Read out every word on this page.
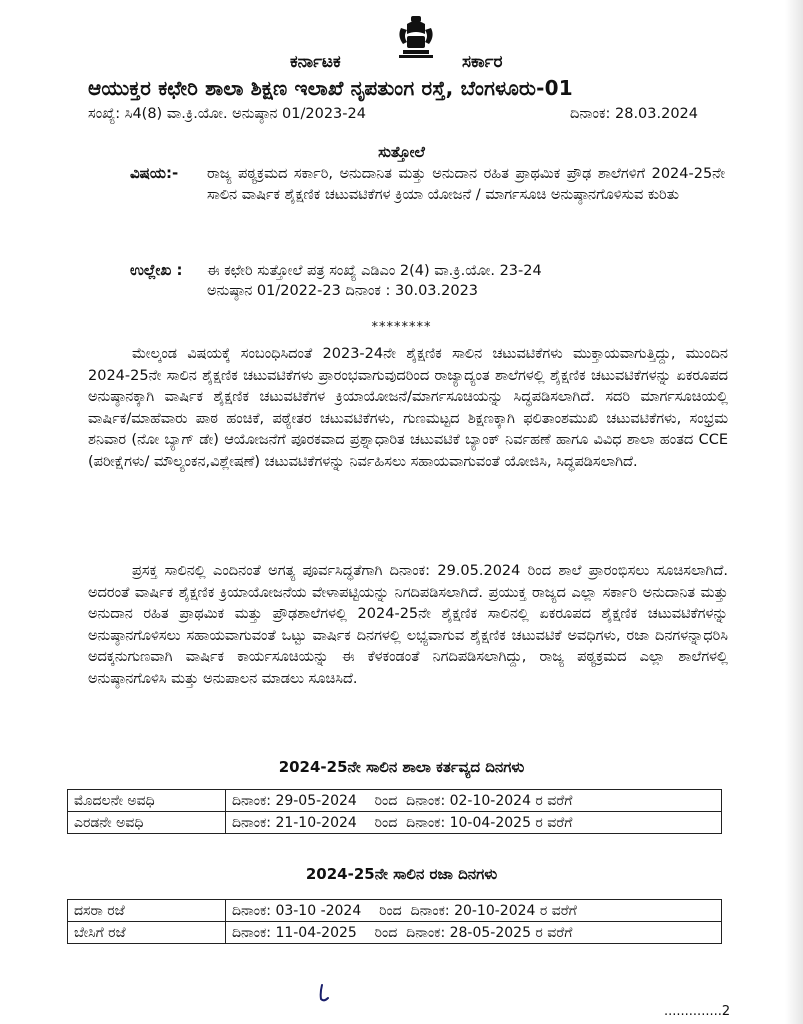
ಕರ್ನಾಟಕ	ಸರ್ಕಾರ
ಆಯುಕ್ತರ ಕಛೇರಿ ಶಾಲಾ ಶಿಕ್ಷಣ ಇಲಾಖೆ ನೃಪತುಂಗ ರಸ್ತೆ, ಬೆಂಗಳೂರು-01
ಸಂಖ್ಯೆ: ಸಿ4(8) ವಾ.ಕ್ರಿ.ಯೋ. ಅನುಷ್ಠಾನ 01/2023-24	ದಿನಾಂಕ: 28.03.2024
ಸುತ್ತೋಲೆ
ವಿಷಯ:- ರಾಜ್ಯ ಪಠ್ಯಕ್ರಮದ ಸರ್ಕಾರಿ, ಅನುದಾನಿತ ಮತ್ತು ಅನುದಾನ ರಹಿತ ಪ್ರಾಥಮಿಕ ಪ್ರೌಢ ಶಾಲೆಗಳಿಗೆ 2024-25ನೇ ಸಾಲಿನ ವಾರ್ಷಿಕ ಶೈಕ್ಷಣಿಕ ಚಟುವಟಿಕೆಗಳ ಕ್ರಿಯಾ ಯೋಜನೆ / ಮಾರ್ಗಸೂಚಿ ಅನುಷ್ಠಾನಗೊಳಿಸುವ ಕುರಿತು
ಉಲ್ಲೇಖ : ಈ ಕಛೇರಿ ಸುತ್ತೋಲೆ ಪತ್ರ ಸಂಖ್ಯೆ ಎಡಿಎಂ 2(4) ವಾ.ಕ್ರಿ.ಯೋ. 23-24
ಅನುಷ್ಠಾನ 01/2022-23 ದಿನಾಂಕ : 30.03.2023
********
ಮೇಲ್ಕಂಡ ವಿಷಯಕ್ಕೆ ಸಂಬಂಧಿಸಿದಂತೆ 2023-24ನೇ ಶೈಕ್ಷಣಿಕ ಸಾಲಿನ ಚಟುವಟಿಕೆಗಳು ಮುಕ್ತಾಯವಾಗುತ್ತಿದ್ದು, ಮುಂದಿನ 2024-25ನೇ ಸಾಲಿನ ಶೈಕ್ಷಣಿಕ ಚಟುವಟಿಕೆಗಳು ಪ್ರಾರಂಭವಾಗುವುದರಿಂದ ರಾಜ್ಯಾದ್ಯಂತ ಶಾಲೆಗಳಲ್ಲಿ ಶೈಕ್ಷಣಿಕ ಚಟುವಟಿಕೆಗಳನ್ನು ಏಕರೂಪದ ಅನುಷ್ಠಾನಕ್ಕಾಗಿ ವಾರ್ಷಿಕ ಶೈಕ್ಷಣಿಕ ಚಟುವಟಿಕೆಗಳ ಕ್ರಿಯಾಯೋಜನೆ/ಮಾರ್ಗಸೂಚಿಯನ್ನು ಸಿದ್ಧಪಡಿಸಲಾಗಿದೆ. ಸದರಿ ಮಾರ್ಗಸೂಚಿಯಲ್ಲಿ ವಾರ್ಷಿಕ/ಮಾಹೆವಾರು ಪಾಠ ಹಂಚಿಕೆ, ಪಠ್ಯೇತರ ಚಟುವಟಿಕೆಗಳು, ಗುಣಮಟ್ಟದ ಶಿಕ್ಷಣಕ್ಕಾಗಿ ಫಲಿತಾಂಶಮುಖಿ ಚಟುವಟಿಕೆಗಳು, ಸಂಭ್ರಮ ಶನಿವಾರ (ನೋ ಬ್ಯಾಗ್ ಡೇ) ಆಯೋಜನೆಗೆ ಪೂರಕವಾದ ಪ್ರಶ್ನಾಧಾರಿತ ಚಟುವಟಿಕೆ ಬ್ಯಾಂಕ್ ನಿರ್ವಹಣೆ ಹಾಗೂ ವಿವಿಧ ಶಾಲಾ ಹಂತದ CCE (ಪರೀಕ್ಷೆಗಳು/ ಮೌಲ್ಯಂಕನ,ವಿಶ್ಲೇಷಣೆ) ಚಟುವಟಿಕೆಗಳನ್ನು ನಿರ್ವಹಿಸಲು ಸಹಾಯವಾಗುವಂತೆ ಯೋಜಿಸಿ, ಸಿದ್ಧಪಡಿಸಲಾಗಿದೆ.
ಪ್ರಸಕ್ತ ಸಾಲಿನಲ್ಲಿ ಎಂದಿನಂತೆ ಅಗತ್ಯ ಪೂರ್ವಸಿದ್ಧತೆಗಾಗಿ ದಿನಾಂಕ: 29.05.2024 ರಿಂದ ಶಾಲೆ ಪ್ರಾರಂಭಿಸಲು ಸೂಚಿಸಲಾಗಿದೆ. ಅದರಂತೆ ವಾರ್ಷಿಕ ಶೈಕ್ಷಣಿಕ ಕ್ರಿಯಾಯೋಜನೆಯ ವೇಳಾಪಟ್ಟಿಯನ್ನು ನಿಗದಿಪಡಿಸಲಾಗಿದೆ. ಪ್ರಯುಕ್ತ ರಾಜ್ಯದ ಎಲ್ಲಾ ಸರ್ಕಾರಿ ಅನುದಾನಿತ ಮತ್ತು ಅನುದಾನ ರಹಿತ ಪ್ರಾಥಮಿಕ ಮತ್ತು ಪ್ರೌಢಶಾಲೆಗಳಲ್ಲಿ 2024-25ನೇ ಶೈಕ್ಷಣಿಕ ಸಾಲಿನಲ್ಲಿ ಏಕರೂಪದ ಶೈಕ್ಷಣಿಕ ಚಟುವಟಿಕೆಗಳನ್ನು ಅನುಷ್ಠಾನಗೊಳಿಸಲು ಸಹಾಯವಾಗುವಂತೆ ಒಟ್ಟು ವಾರ್ಷಿಕ ದಿನಗಳಲ್ಲಿ ಲಭ್ಯವಾಗುವ ಶೈಕ್ಷಣಿಕ ಚಟುವಟಿಕೆ ಅವಧಿಗಳು, ರಜಾ ದಿನಗಳನ್ನಾಧರಿಸಿ ಅದಕ್ಕನುಗುಣವಾಗಿ ವಾರ್ಷಿಕ ಕಾರ್ಯಸೂಚಿಯನ್ನು ಈ ಕೆಳಕಂಡಂತೆ ನಿಗದಿಪಡಿಸಲಾಗಿದ್ದು, ರಾಜ್ಯ ಪಠ್ಯಕ್ರಮದ ಎಲ್ಲಾ ಶಾಲೆಗಳಲ್ಲಿ ಅನುಷ್ಠಾನಗೊಳಿಸಿ ಮತ್ತು ಅನುಪಾಲನ ಮಾಡಲು ಸೂಚಿಸಿದೆ.
2024-25ನೇ ಸಾಲಿನ ಶಾಲಾ ಕರ್ತವ್ಯದ ದಿನಗಳು
ಮೊದಲನೇ ಅವಧಿ	ದಿನಾಂಕ: 29-05-2024 ರಿಂದ ದಿನಾಂಕ: 02-10-2024 ರ ವರೆಗೆ
ಎರಡನೇ ಅವಧಿ	ದಿನಾಂಕ: 21-10-2024 ರಿಂದ ದಿನಾಂಕ: 10-04-2025 ರ ವರೆಗೆ
2024-25ನೇ ಸಾಲಿನ ರಜಾ ದಿನಗಳು
ದಸರಾ ರಜೆ	ದಿನಾಂಕ: 03-10 -2024 ರಿಂದ ದಿನಾಂಕ: 20-10-2024 ರ ವರೆಗೆ
ಬೇಸಿಗೆ ರಜೆ	ದಿನಾಂಕ: 11-04-2025 ರಿಂದ ದಿನಾಂಕ: 28-05-2025 ರ ವರೆಗೆ
..............2
